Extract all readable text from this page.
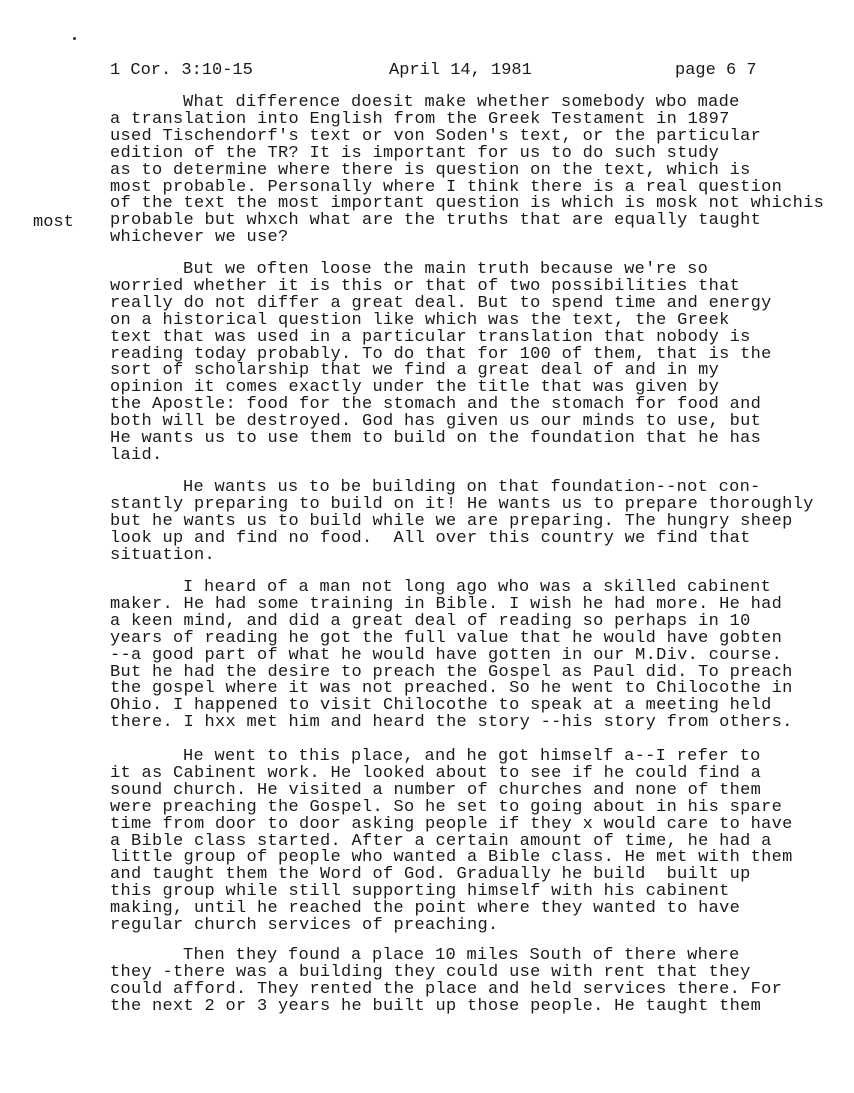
1 Cor. 3:10-15	April 14, 1981	page 6 7
most
What difference doesit make whether somebody wbo made
a translation into English from the Greek Testament in 1897
used Tischendorf's text or von Soden's text, or the particular
edition of the TR? It is important for us to do such study
as to determine where there is question on the text, which is
most probable. Personally where I think there is a real question
of the text the most important question is which is mosk not whichis
probable but whxch what are the truths that are equally taught
whichever we use?
But we often loose the main truth because we're so
worried whether it is this or that of two possibilities that
really do not differ a great deal. But to spend time and energy
on a historical question like which was the text, the Greek
text that was used in a particular translation that nobody is
reading today probably. To do that for 100 of them, that is the
sort of scholarship that we find a great deal of and in my
opinion it comes exactly under the title that was given by
the Apostle: food for the stomach and the stomach for food and
both will be destroyed. God has given us our minds to use, but
He wants us to use them to build on the foundation that he has
laid.
He wants us to be building on that foundation--not con-
stantly preparing to build on it! He wants us to prepare thoroughly
but he wants us to build while we are preparing. The hungry sheep
look up and find no food.  All over this country we find that
situation.
I heard of a man not long ago who was a skilled cabinent
maker. He had some training in Bible. I wish he had more. He had
a keen mind, and did a great deal of reading so perhaps in 10
years of reading he got the full value that he would have gobten
--a good part of what he would have gotten in our M.Div. course.
But he had the desire to preach the Gospel as Paul did. To preach
the gospel where it was not preached. So he went to Chilocothe in
Ohio. I happened to visit Chilocothe to speak at a meeting held
there. I hxx met him and heard the story --his story from others.
He went to this place, and he got himself a--I refer to
it as Cabinent work. He looked about to see if he could find a
sound church. He visited a number of churches and none of them
were preaching the Gospel. So he set to going about in his spare
time from door to door asking people if they x would care to have
a Bible class started. After a certain amount of time, he had a
little group of people who wanted a Bible class. He met with them
and taught them the Word of God. Gradually he build  built up
this group while still supporting himself with his cabinent
making, until he reached the point where they wanted to have
regular church services of preaching.
Then they found a place 10 miles South of there where
they -there was a building they could use with rent that they
could afford. They rented the place and held services there. For
the next 2 or 3 years he built up those people. He taught them
